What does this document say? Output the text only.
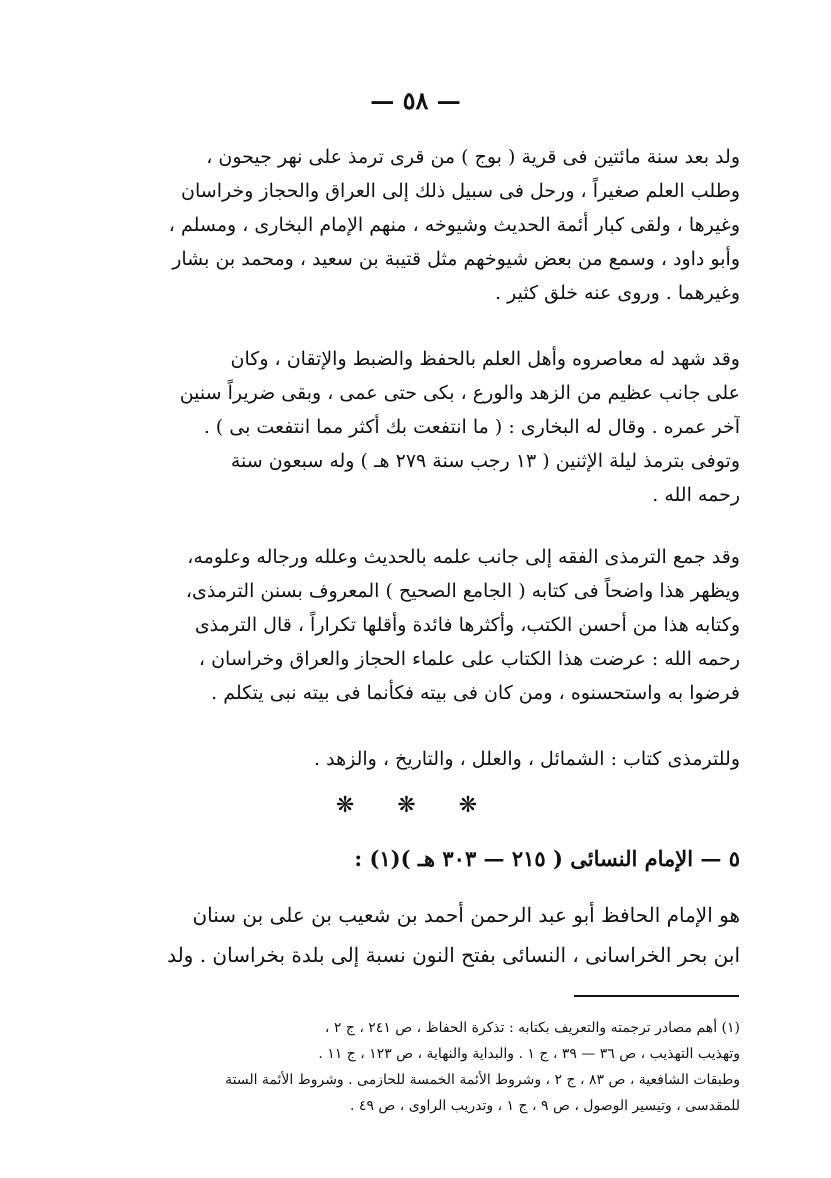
— ٥٨ —
ولد بعد سنة مائتين فى قرية ( بوج ) من قرى ترمذ على نهر جيحون ،
وطلب العلم صغيراً ، ورحل فى سبيل ذلك إلى العراق والحجاز وخراسان
وغيرها ، ولقى كبار أئمة الحديث وشيوخه ، منهم الإمام البخارى ، ومسلم ،
وأبو داود ، وسمع من بعض شيوخهم مثل قتيبة بن سعيد ، ومحمد بن بشار
وغيرهما . وروى عنه خلق كثير .
وقد شهد له معاصروه وأهل العلم بالحفظ والضبط والإتقان ، وكان
على جانب عظيم من الزهد والورع ، بكى حتى عمى ، وبقى ضريراً سنين
آخر عمره . وقال له البخارى : ( ما انتفعت بك أكثر مما انتفعت بى ) .
وتوفى بترمذ ليلة الإثنين ( ١٣ رجب سنة ٢٧٩ هـ ) وله سبعون سنة
رحمه الله .
وقد جمع الترمذى الفقه إلى جانب علمه بالحديث وعلله ورجاله وعلومه،
ويظهر هذا واضحاً فى كتابه ( الجامع الصحيح ) المعروف بسنن الترمذى،
وكتابه هذا من أحسن الكتب، وأكثرها فائدة وأقلها تكراراً ، قال الترمذى
رحمه الله : عرضت هذا الكتاب على علماء الحجاز والعراق وخراسان ،
فرضوا به واستحسنوه ، ومن كان فى بيته فكأنما فى بيته نبى يتكلم .
وللترمذى كتاب : الشمائل ، والعلل ، والتاريخ ، والزهد .
❋ ❋ ❋
٥ — الإمام النسائى ( ٢١٥ — ٣٠٣ هـ )(١) :
هو الإمام الحافظ أبو عبد الرحمن أحمد بن شعيب بن على بن سنان
ابن بحر الخراسانى ، النسائى بفتح النون نسبة إلى بلدة بخراسان . ولد
(١) أهم مصادر ترجمته والتعريف بكتابه : تذكرة الحفاظ ، ص ٢٤١ ، ج ٢ ،
وتهذيب التهذيب ، ص ٣٦ — ٣٩ ، ج ١ . والبداية والنهاية ، ص ١٢٣ ، ج ١١ .
وطبقات الشافعية ، ص ٨٣ ، ج ٢ ، وشروط الأئمة الخمسة للحازمى . وشروط الأئمة الستة
للمقدسى ، وتيسير الوصول ، ص ٩ ، ج ١ ، وتدريب الراوى ، ص ٤٩ .
